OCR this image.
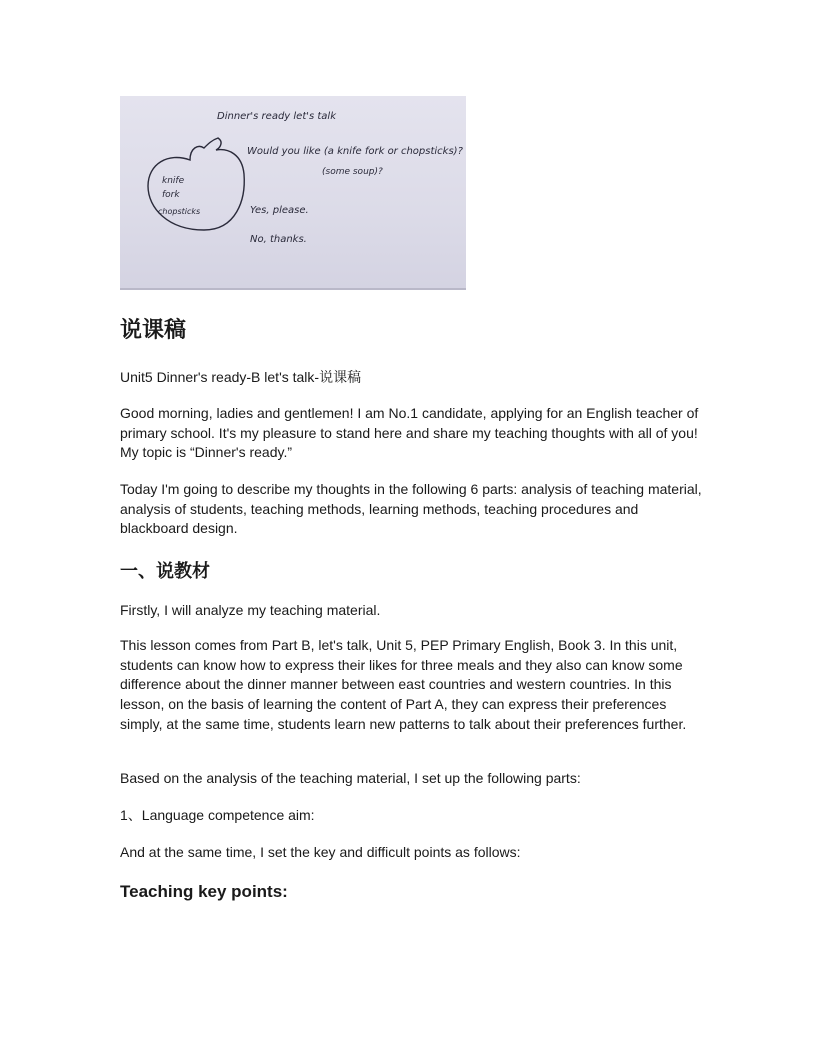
Dinner's ready let's talk
Would you like (a knife fork or chopsticks)?
(some soup)?
knife
fork
chopsticks	Yes, please.
No, thanks.
说课稿

Unit5 Dinner's ready-B let's talk-说课稿

Good morning, ladies and gentlemen! I am No.1 candidate, applying for an English teacher of primary school. It's my pleasure to stand here and share my teaching thoughts with all of you! My topic is “Dinner's ready.”

Today I'm going to describe my thoughts in the following 6 parts: analysis of teaching material, analysis of students, teaching methods, learning methods, teaching procedures and blackboard design.

一、说教材

Firstly, I will analyze my teaching material.

This lesson comes from Part B, let's talk, Unit 5, PEP Primary English, Book 3. In this unit, students can know how to express their likes for three meals and they also can know some difference about the dinner manner between east countries and western countries. In this lesson, on the basis of learning the content of Part A, they can express their preferences simply, at the same time, students learn new patterns to talk about their preferences further.

Based on the analysis of the teaching material, I set up the following parts:

1、Language competence aim:

And at the same time, I set the key and difficult points as follows:

Teaching key points:
